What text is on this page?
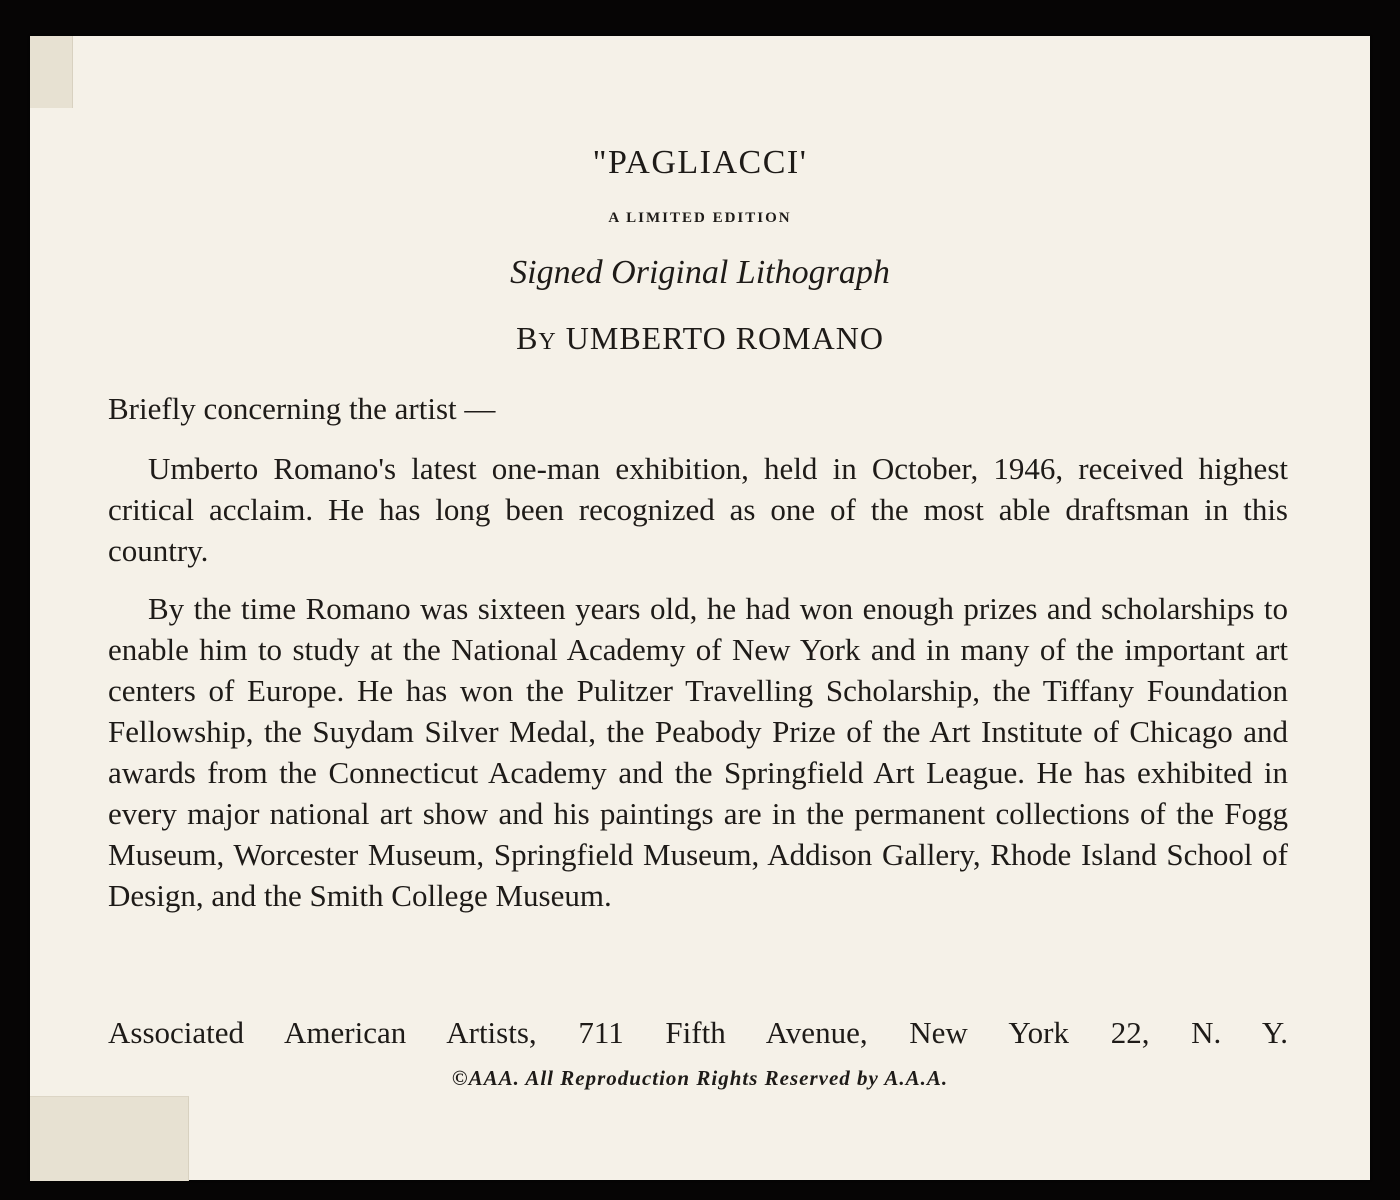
"PAGLIACCI'
A LIMITED EDITION
Signed Original Lithograph
BY UMBERTO ROMANO
Briefly concerning the artist —
Umberto Romano's latest one-man exhibition, held in October, 1946, received highest critical acclaim. He has long been recognized as one of the most able draftsman in this country.
By the time Romano was sixteen years old, he had won enough prizes and scholarships to enable him to study at the National Academy of New York and in many of the important art centers of Europe. He has won the Pulitzer Travelling Scholarship, the Tiffany Foundation Fellowship, the Suydam Silver Medal, the Peabody Prize of the Art Institute of Chicago and awards from the Connecticut Academy and the Springfield Art League. He has exhibited in every major national art show and his paintings are in the permanent collections of the Fogg Museum, Worcester Museum, Springfield Museum, Addison Gallery, Rhode Island School of Design, and the Smith College Museum.
Associated American Artists, 711 Fifth Avenue, New York 22, N. Y.
©AAA. All Reproduction Rights Reserved by A.A.A.
